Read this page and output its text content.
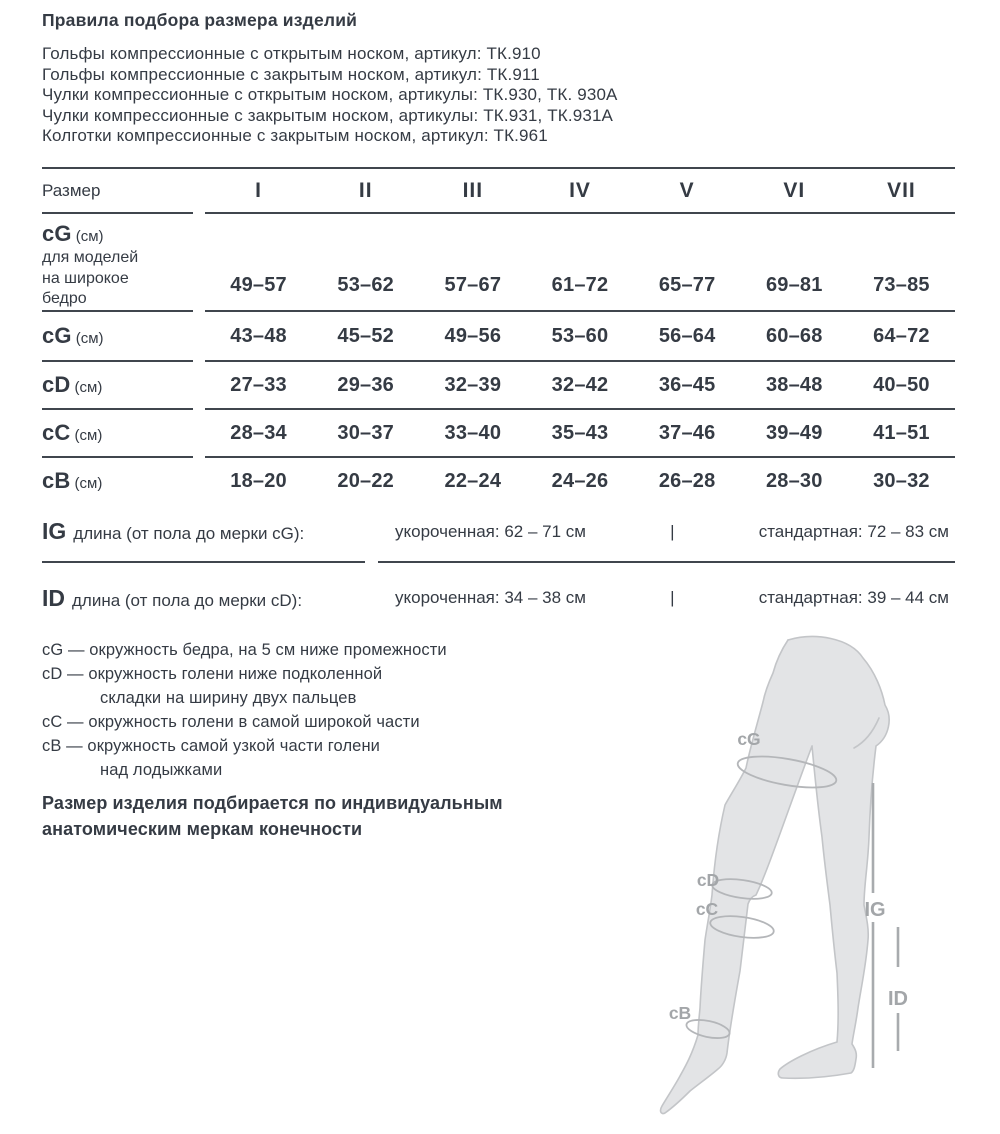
Правила подбора размера изделий
Гольфы компрессионные с открытым носком, артикул: ТК.910
Гольфы компрессионные с закрытым носком, артикул: ТК.911
Чулки компрессионные с открытым носком, артикулы: ТК.930, ТК. 930А
Чулки компрессионные с закрытым носком, артикулы: ТК.931, ТК.931А
Колготки компрессионные с закрытым носком, артикул: ТК.961
Размер	I	II	III	IV	V	VI	VII
cG (см)
для моделей
на широкое
бедро
49–57	53–62	57–67	61–72	65–77	69–81	73–85
cG (см)	43–48	45–52	49–56	53–60	56–64	60–68	64–72
cD (см)	27–33	29–36	32–39	32–42	36–45	38–48	40–50
cC (см)	28–34	30–37	33–40	35–43	37–46	39–49	41–51
cB (см)	18–20	20–22	22–24	24–26	26–28	28–30	30–32
IG длина (от пола до мерки cG):	укороченная: 62 – 71 см	|	стандартная: 72 – 83 см
ID длина (от пола до мерки cD):	укороченная: 34 – 38 см	|	стандартная: 39 – 44 см
cG — окружность бедра, на 5 см ниже промежности
cD — окружность голени ниже подколенной
складки на ширину двух пальцев
cC — окружность голени в самой широкой части
cB — окружность самой узкой части голени
над лодыжками
Размер изделия подбирается по индивидуальным
анатомическим меркам конечности
cG
cD
cC
cB
IG
ID
